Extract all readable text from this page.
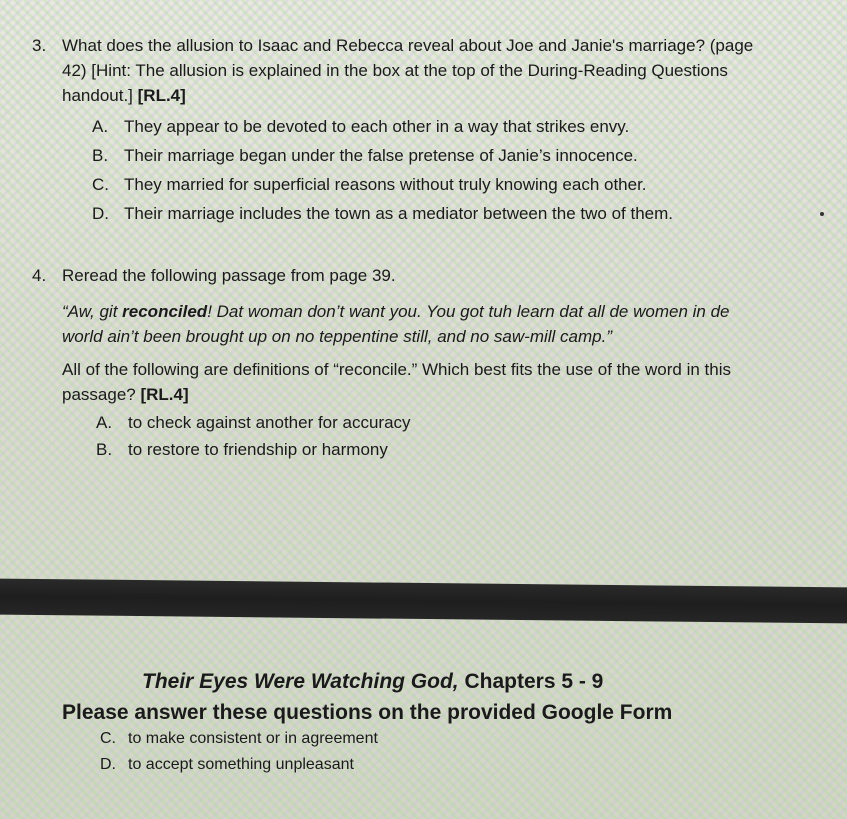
3. What does the allusion to Isaac and Rebecca reveal about Joe and Janie's marriage? (page 42) [Hint: The allusion is explained in the box at the top of the During-Reading Questions handout.] [RL.4]
A. They appear to be devoted to each other in a way that strikes envy.
B. Their marriage began under the false pretense of Janie’s innocence.
C. They married for superficial reasons without truly knowing each other.
D. Their marriage includes the town as a mediator between the two of them.
4. Reread the following passage from page 39.
“Aw, git reconciled! Dat woman don’t want you. You got tuh learn dat all de women in de world ain’t been brought up on no teppentine still, and no saw-mill camp.”
All of the following are definitions of “reconcile.” Which best fits the use of the word in this passage? [RL.4]
A. to check against another for accuracy
B. to restore to friendship or harmony
Their Eyes Were Watching God, Chapters 5 - 9
Please answer these questions on the provided Google Form
C. to make consistent or in agreement
D. to accept something unpleasant
